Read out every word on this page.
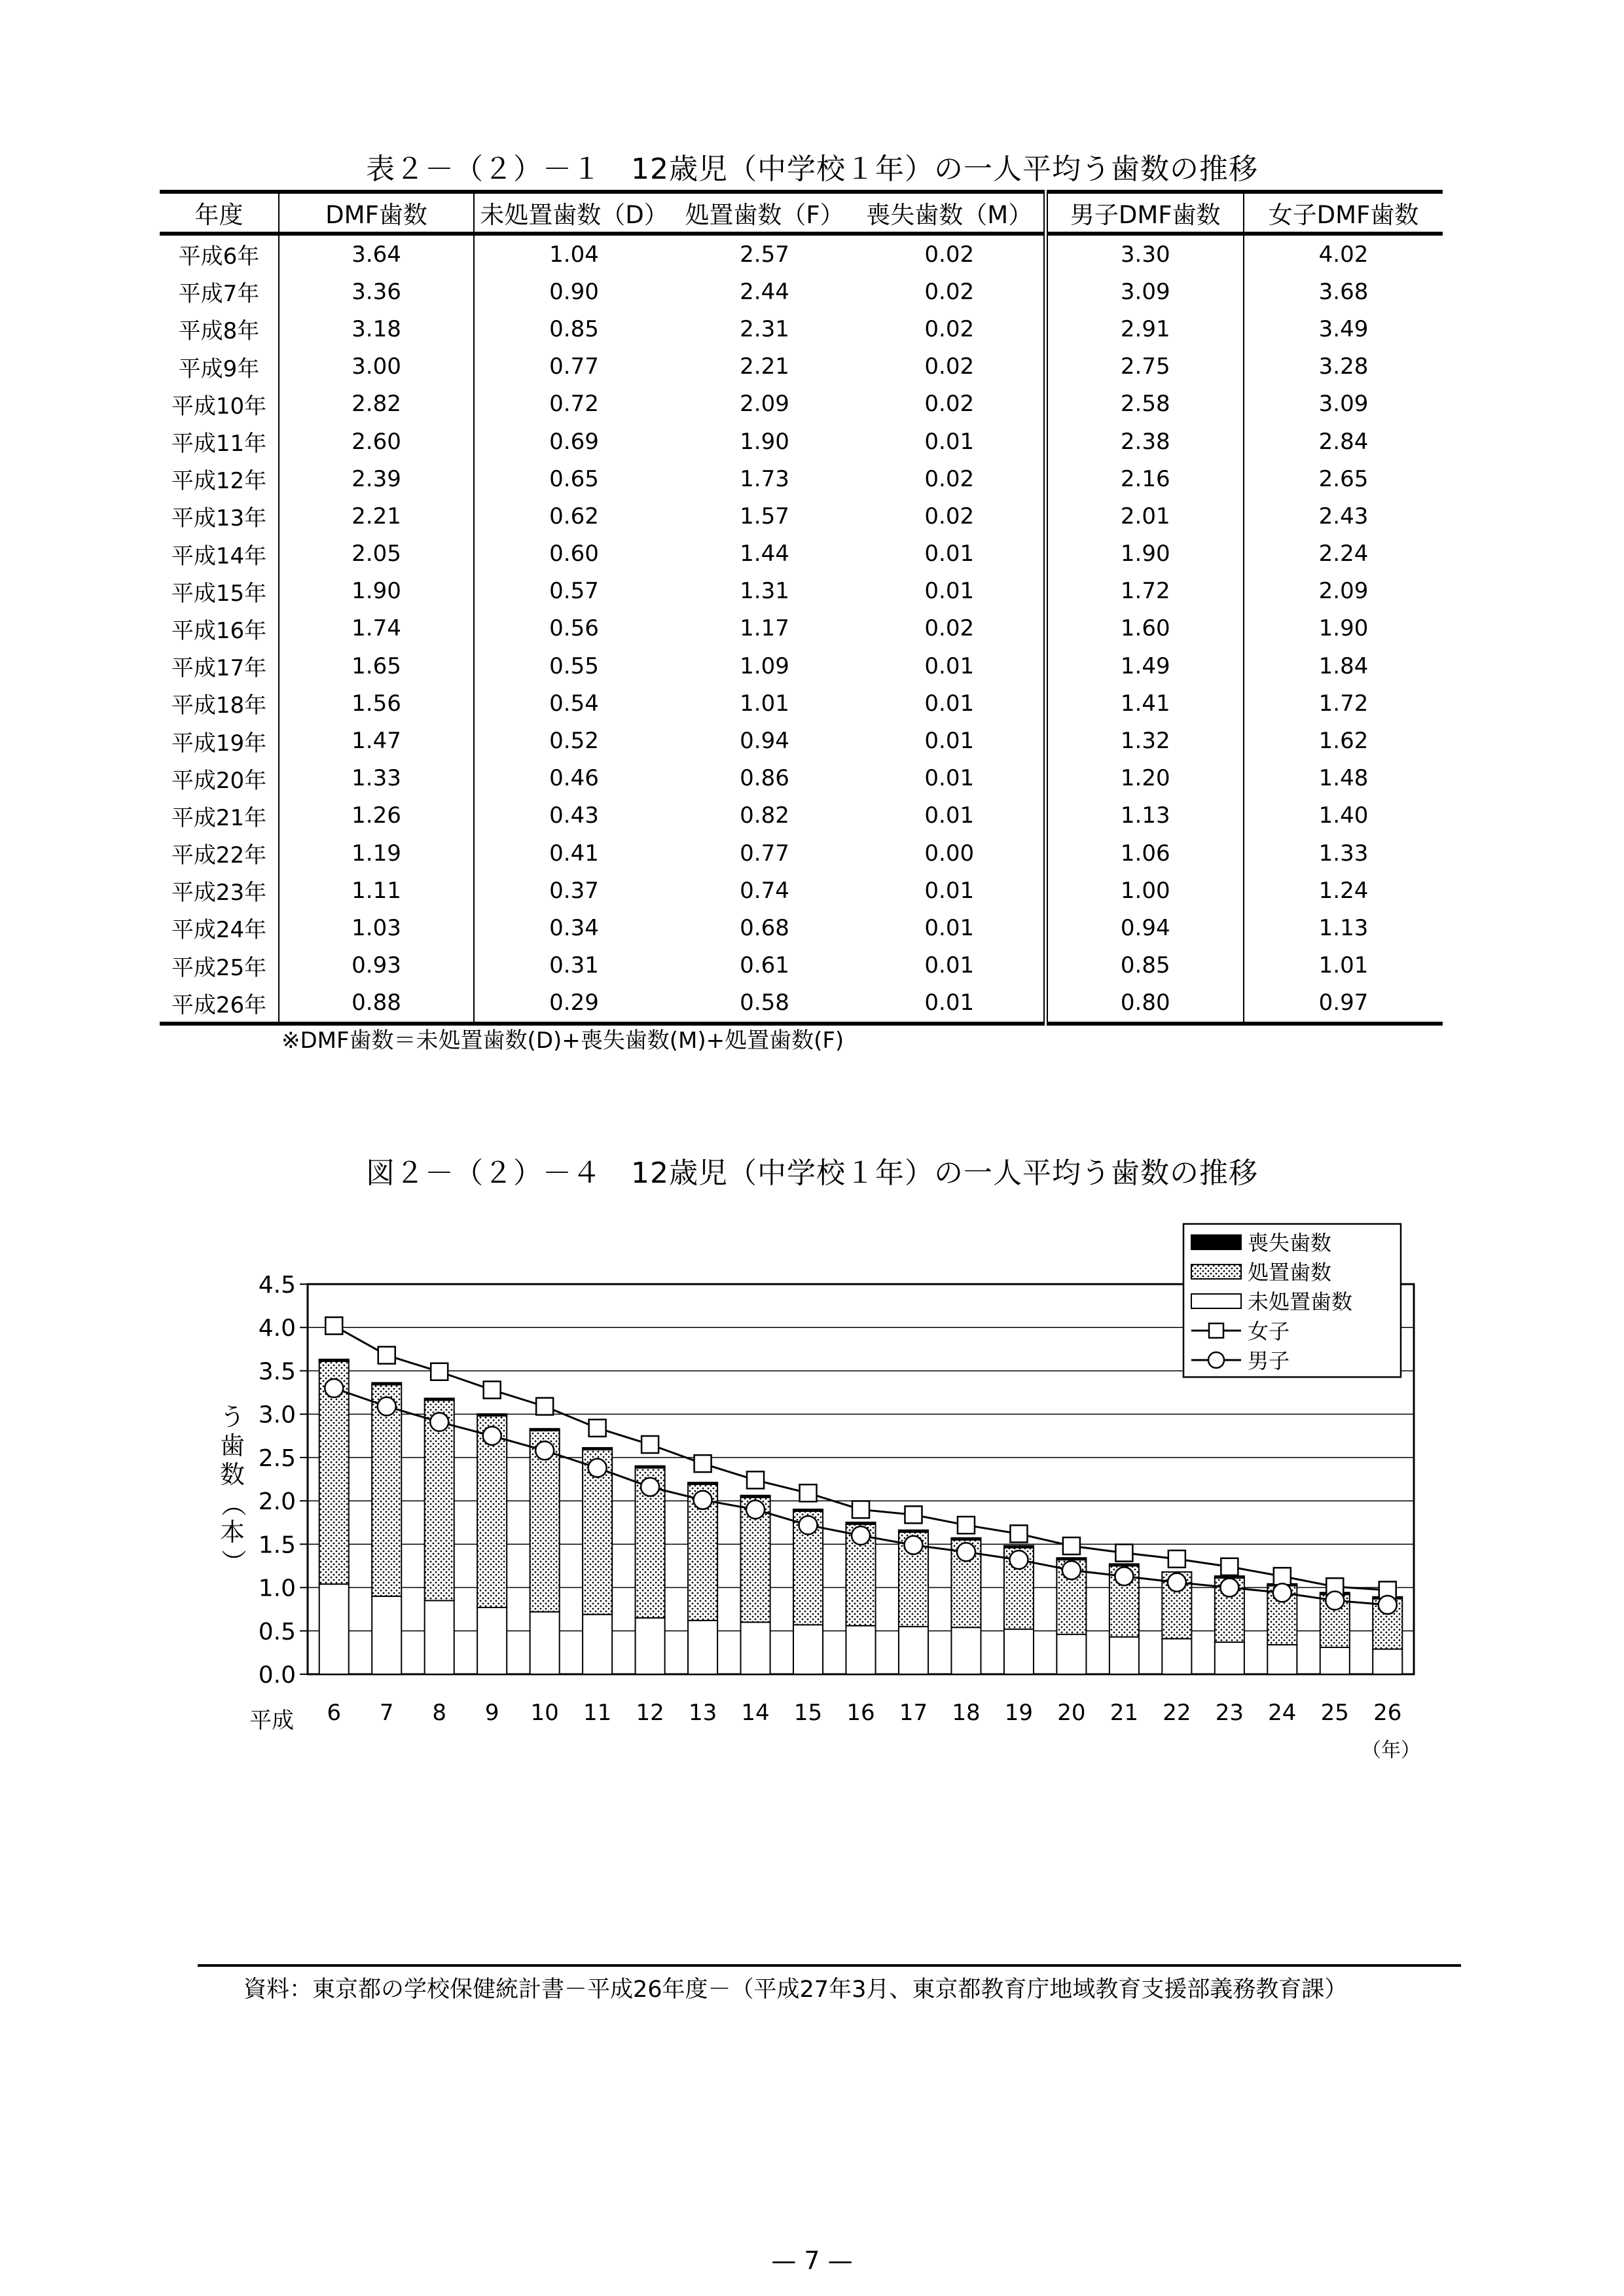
表２－（２）－１　12歳児（中学校１年）の一人平均う歯数の推移
年度	DMF歯数	未処置歯数（D）	処置歯数（F）	喪失歯数（M）	男子DMF歯数	女子DMF歯数
平成6年	3.64	1.04	2.57	0.02	3.30	4.02
平成7年	3.36	0.90	2.44	0.02	3.09	3.68
平成8年	3.18	0.85	2.31	0.02	2.91	3.49
平成9年	3.00	0.77	2.21	0.02	2.75	3.28
平成10年	2.82	0.72	2.09	0.02	2.58	3.09
平成11年	2.60	0.69	1.90	0.01	2.38	2.84
平成12年	2.39	0.65	1.73	0.02	2.16	2.65
平成13年	2.21	0.62	1.57	0.02	2.01	2.43
平成14年	2.05	0.60	1.44	0.01	1.90	2.24
平成15年	1.90	0.57	1.31	0.01	1.72	2.09
平成16年	1.74	0.56	1.17	0.02	1.60	1.90
平成17年	1.65	0.55	1.09	0.01	1.49	1.84
平成18年	1.56	0.54	1.01	0.01	1.41	1.72
平成19年	1.47	0.52	0.94	0.01	1.32	1.62
平成20年	1.33	0.46	0.86	0.01	1.20	1.48
平成21年	1.26	0.43	0.82	0.01	1.13	1.40
平成22年	1.19	0.41	0.77	0.00	1.06	1.33
平成23年	1.11	0.37	0.74	0.01	1.00	1.24
平成24年	1.03	0.34	0.68	0.01	0.94	1.13
平成25年	0.93	0.31	0.61	0.01	0.85	1.01
平成26年	0.88	0.29	0.58	0.01	0.80	0.97
※DMF歯数＝未処置歯数(D)+喪失歯数(M)+処置歯数(F)
図２－（２）－４　12歳児（中学校１年）の一人平均う歯数の推移
0.0
0.5
1.0
1.5
2.0
2.5
3.0
3.5
4.0
4.5
う
歯
数
（
本
）
6 7 8 9 10 11 12 13 14 15 16 17 18 19 20 21 22 23 24 25 26
平成
（年）
喪失歯数
処置歯数
未処置歯数
女子
男子
資料：東京都の学校保健統計書－平成26年度－（平成27年3月、東京都教育庁地域教育支援部義務教育課）
— 7 —
